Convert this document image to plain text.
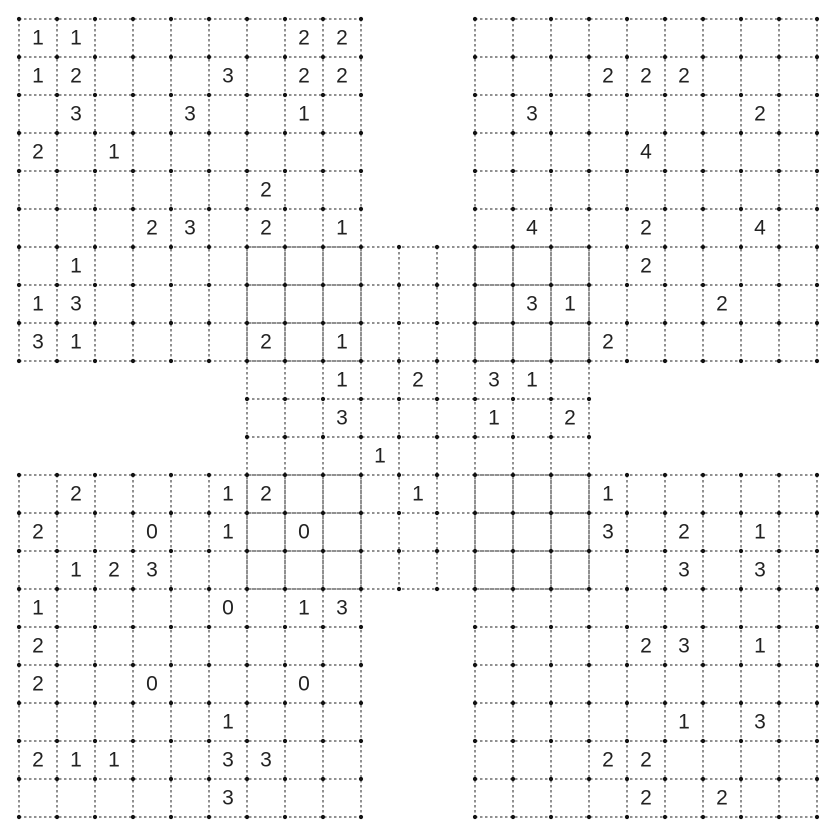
1 1	2 2
1 2	3	2 2
3	3	1
2	1
2
2 3	2	1
1
1 3
3 1	2
2 2 2
3	2
4
4	2	4
2
3	2
2
1
1
1	2	3 1
3	1	2
1
2	1
2	1
2	0	1	0
1 2 3
1	0	1 3
2
2	0	0
1
2 1 1	3 3
3
1
3	2	1
3	3
2 3	1
1	3
2 2
2	2
